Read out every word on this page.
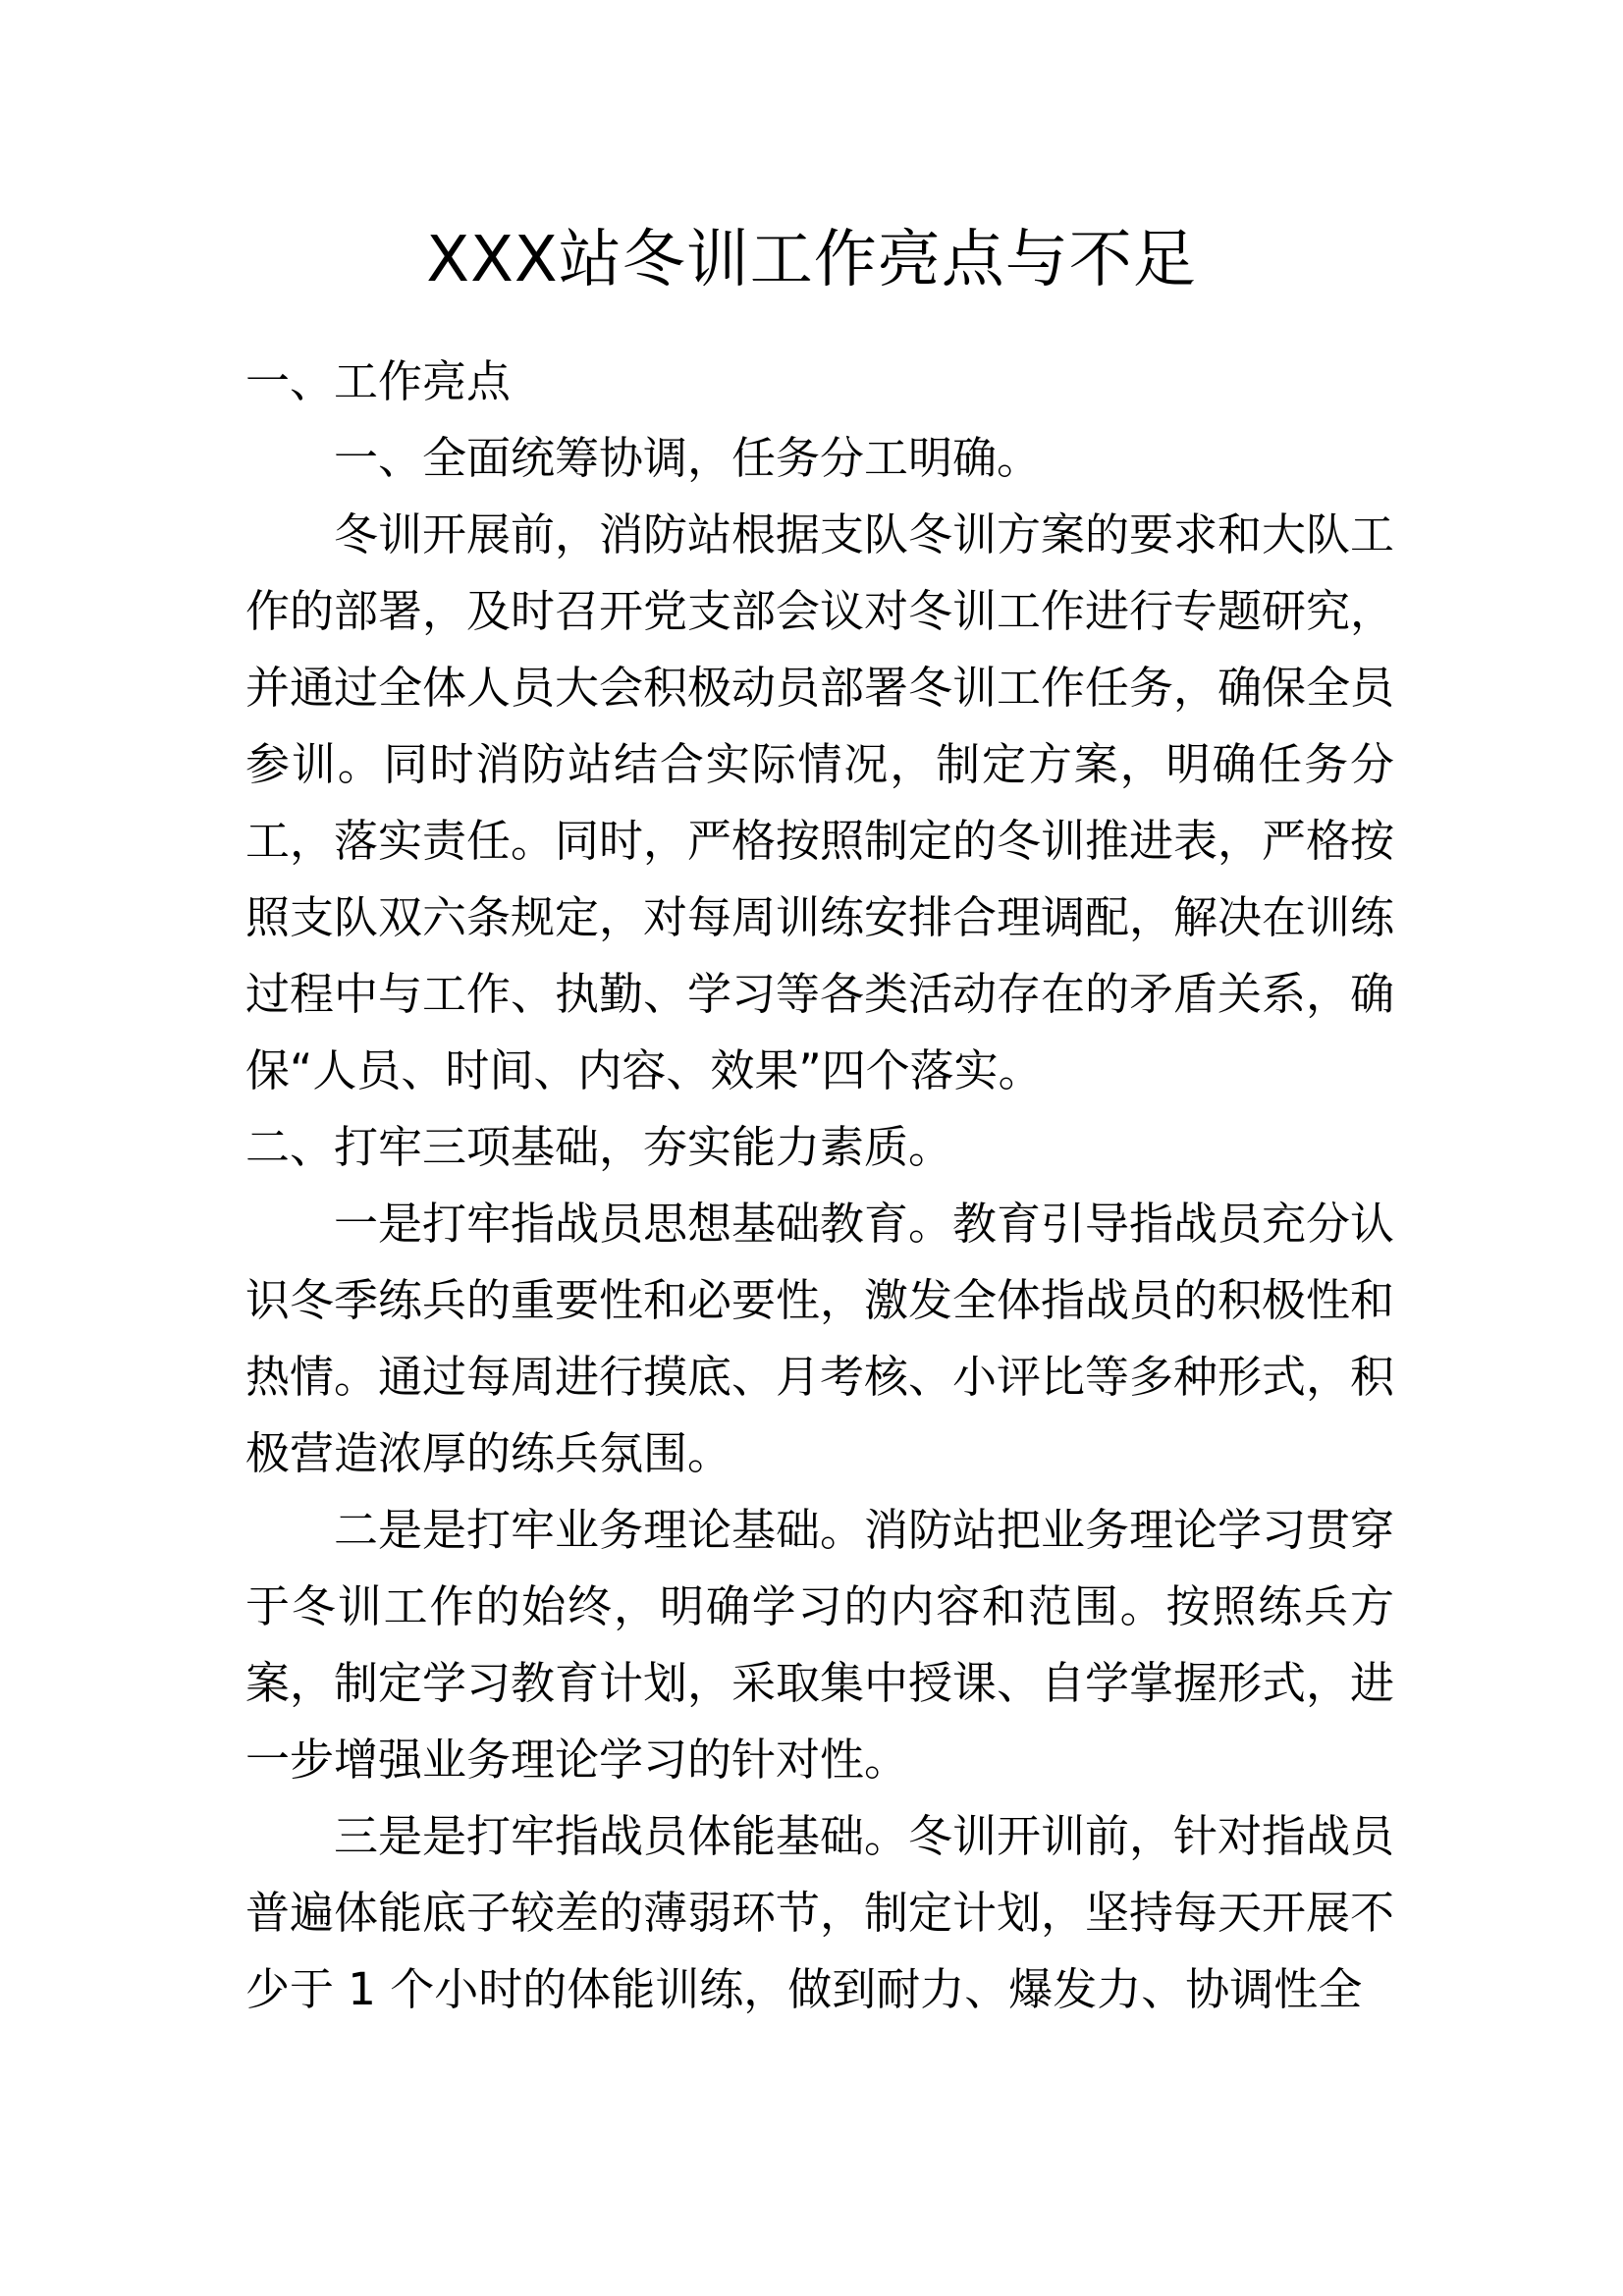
XXX站冬训工作亮点与不足

一、工作亮点

一、全面统筹协调，任务分工明确。

冬训开展前，消防站根据支队冬训方案的要求和大队工作的部署，及时召开党支部会议对冬训工作进行专题研究，并通过全体人员大会积极动员部署冬训工作任务，确保全员参训。同时消防站结合实际情况，制定方案，明确任务分工，落实责任。同时，严格按照制定的冬训推进表，严格按照支队双六条规定，对每周训练安排合理调配，解决在训练过程中与工作、执勤、学习等各类活动存在的矛盾关系，确保“人员、时间、内容、效果”四个落实。

二、打牢三项基础，夯实能力素质。

一是打牢指战员思想基础教育。教育引导指战员充分认识冬季练兵的重要性和必要性，激发全体指战员的积极性和热情。通过每周进行摸底、月考核、小评比等多种形式，积极营造浓厚的练兵氛围。

二是是打牢业务理论基础。消防站把业务理论学习贯穿于冬训工作的始终，明确学习的内容和范围。按照练兵方案，制定学习教育计划，采取集中授课、自学掌握形式，进一步增强业务理论学习的针对性。

三是是打牢指战员体能基础。冬训开训前，针对指战员普遍体能底子较差的薄弱环节，制定计划，坚持每天开展不少于 1 个小时的体能训练，做到耐力、爆发力、协调性全
